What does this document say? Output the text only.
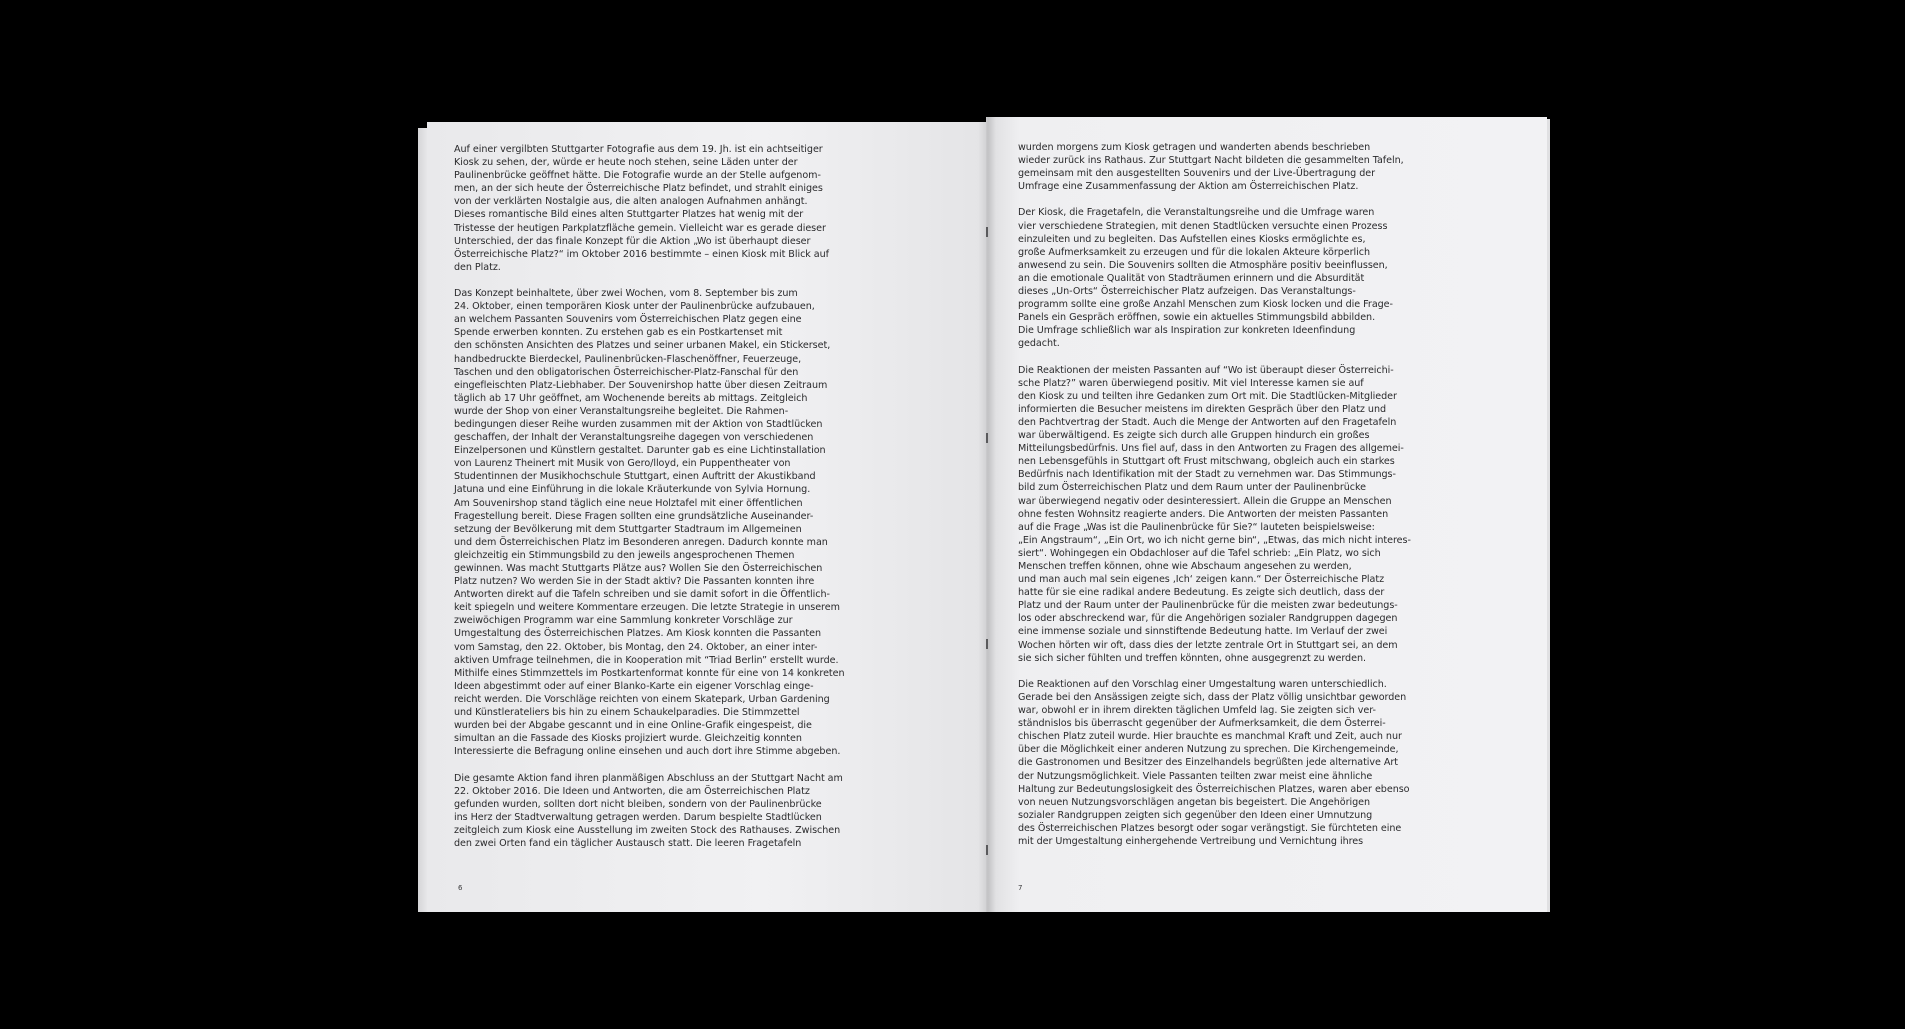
Auf einer vergilbten Stuttgarter Fotografie aus dem 19. Jh. ist ein achtseitiger
Kiosk zu sehen, der, würde er heute noch stehen, seine Läden unter der
Paulinenbrücke geöffnet hätte. Die Fotografie wurde an der Stelle aufgenom-
men, an der sich heute der Österreichische Platz befindet, und strahlt einiges
von der verklärten Nostalgie aus, die alten analogen Aufnahmen anhängt.
Dieses romantische Bild eines alten Stuttgarter Platzes hat wenig mit der
Tristesse der heutigen Parkplatzfläche gemein. Vielleicht war es gerade dieser
Unterschied, der das finale Konzept für die Aktion „Wo ist überhaupt dieser
Österreichische Platz?“ im Oktober 2016 bestimmte – einen Kiosk mit Blick auf
den Platz.
Das Konzept beinhaltete, über zwei Wochen, vom 8. September bis zum
24. Oktober, einen temporären Kiosk unter der Paulinenbrücke aufzubauen,
an welchem Passanten Souvenirs vom Österreichischen Platz gegen eine
Spende erwerben konnten. Zu erstehen gab es ein Postkartenset mit
den schönsten Ansichten des Platzes und seiner urbanen Makel, ein Stickerset,
handbedruckte Bierdeckel, Paulinenbrücken-Flaschenöffner, Feuerzeuge,
Taschen und den obligatorischen Österreichischer-Platz-Fanschal für den
eingefleischten Platz-Liebhaber. Der Souvenirshop hatte über diesen Zeitraum
täglich ab 17 Uhr geöffnet, am Wochenende bereits ab mittags. Zeitgleich
wurde der Shop von einer Veranstaltungsreihe begleitet. Die Rahmen-
bedingungen dieser Reihe wurden zusammen mit der Aktion von Stadtlücken
geschaffen, der Inhalt der Veranstaltungsreihe dagegen von verschiedenen
Einzelpersonen und Künstlern gestaltet. Darunter gab es eine Lichtinstallation
von Laurenz Theinert mit Musik von Gero/lloyd, ein Puppentheater von
Studentinnen der Musikhochschule Stuttgart, einen Auftritt der Akustikband
Jatuna und eine Einführung in die lokale Kräuterkunde von Sylvia Hornung.
Am Souvenirshop stand täglich eine neue Holztafel mit einer öffentlichen
Fragestellung bereit. Diese Fragen sollten eine grundsätzliche Auseinander-
setzung der Bevölkerung mit dem Stuttgarter Stadtraum im Allgemeinen
und dem Österreichischen Platz im Besonderen anregen. Dadurch konnte man
gleichzeitig ein Stimmungsbild zu den jeweils angesprochenen Themen
gewinnen. Was macht Stuttgarts Plätze aus? Wollen Sie den Österreichischen
Platz nutzen? Wo werden Sie in der Stadt aktiv? Die Passanten konnten ihre
Antworten direkt auf die Tafeln schreiben und sie damit sofort in die Öffentlich-
keit spiegeln und weitere Kommentare erzeugen. Die letzte Strategie in unserem
zweiwöchigen Programm war eine Sammlung konkreter Vorschläge zur
Umgestaltung des Österreichischen Platzes. Am Kiosk konnten die Passanten
vom Samstag, den 22. Oktober, bis Montag, den 24. Oktober, an einer inter-
aktiven Umfrage teilnehmen, die in Kooperation mit “Triad Berlin” erstellt wurde.
Mithilfe eines Stimmzettels im Postkartenformat konnte für eine von 14 konkreten
Ideen abgestimmt oder auf einer Blanko-Karte ein eigener Vorschlag einge-
reicht werden. Die Vorschläge reichten von einem Skatepark, Urban Gardening
und Künstlerateliers bis hin zu einem Schaukelparadies. Die Stimmzettel
wurden bei der Abgabe gescannt und in eine Online-Grafik eingespeist, die
simultan an die Fassade des Kiosks projiziert wurde. Gleichzeitig konnten
Interessierte die Befragung online einsehen und auch dort ihre Stimme abgeben.
Die gesamte Aktion fand ihren planmäßigen Abschluss an der Stuttgart Nacht am
22. Oktober 2016. Die Ideen und Antworten, die am Österreichischen Platz
gefunden wurden, sollten dort nicht bleiben, sondern von der Paulinenbrücke
ins Herz der Stadtverwaltung getragen werden. Darum bespielte Stadtlücken
zeitgleich zum Kiosk eine Ausstellung im zweiten Stock des Rathauses. Zwischen
den zwei Orten fand ein täglicher Austausch statt. Die leeren Fragetafeln
6
wurden morgens zum Kiosk getragen und wanderten abends beschrieben
wieder zurück ins Rathaus. Zur Stuttgart Nacht bildeten die gesammelten Tafeln,
gemeinsam mit den ausgestellten Souvenirs und der Live-Übertragung der
Umfrage eine Zusammenfassung der Aktion am Österreichischen Platz.
Der Kiosk, die Fragetafeln, die Veranstaltungsreihe und die Umfrage waren
vier verschiedene Strategien, mit denen Stadtlücken versuchte einen Prozess
einzuleiten und zu begleiten. Das Aufstellen eines Kiosks ermöglichte es,
große Aufmerksamkeit zu erzeugen und für die lokalen Akteure körperlich
anwesend zu sein. Die Souvenirs sollten die Atmosphäre positiv beeinflussen,
an die emotionale Qualität von Stadträumen erinnern und die Absurdität
dieses „Un-Orts“ Österreichischer Platz aufzeigen. Das Veranstaltungs-
programm sollte eine große Anzahl Menschen zum Kiosk locken und die Frage-
Panels ein Gespräch eröffnen, sowie ein aktuelles Stimmungsbild abbilden.
Die Umfrage schließlich war als Inspiration zur konkreten Ideenfindung
gedacht.
Die Reaktionen der meisten Passanten auf “Wo ist überaupt dieser Österreichi-
sche Platz?” waren überwiegend positiv. Mit viel Interesse kamen sie auf
den Kiosk zu und teilten ihre Gedanken zum Ort mit. Die Stadtlücken-Mitglieder
informierten die Besucher meistens im direkten Gespräch über den Platz und
den Pachtvertrag der Stadt. Auch die Menge der Antworten auf den Fragetafeln
war überwältigend. Es zeigte sich durch alle Gruppen hindurch ein großes
Mitteilungsbedürfnis. Uns fiel auf, dass in den Antworten zu Fragen des allgemei-
nen Lebensgefühls in Stuttgart oft Frust mitschwang, obgleich auch ein starkes
Bedürfnis nach Identifikation mit der Stadt zu vernehmen war. Das Stimmungs-
bild zum Österreichischen Platz und dem Raum unter der Paulinenbrücke
war überwiegend negativ oder desinteressiert. Allein die Gruppe an Menschen
ohne festen Wohnsitz reagierte anders. Die Antworten der meisten Passanten
auf die Frage „Was ist die Paulinenbrücke für Sie?“ lauteten beispielsweise:
„Ein Angstraum“, „Ein Ort, wo ich nicht gerne bin“, „Etwas, das mich nicht interes-
siert“. Wohingegen ein Obdachloser auf die Tafel schrieb: „Ein Platz, wo sich
Menschen treffen können, ohne wie Abschaum angesehen zu werden,
und man auch mal sein eigenes ‚Ich‘ zeigen kann.“ Der Österreichische Platz
hatte für sie eine radikal andere Bedeutung. Es zeigte sich deutlich, dass der
Platz und der Raum unter der Paulinenbrücke für die meisten zwar bedeutungs-
los oder abschreckend war, für die Angehörigen sozialer Randgruppen dagegen
eine immense soziale und sinnstiftende Bedeutung hatte. Im Verlauf der zwei
Wochen hörten wir oft, dass dies der letzte zentrale Ort in Stuttgart sei, an dem
sie sich sicher fühlten und treffen könnten, ohne ausgegrenzt zu werden.
Die Reaktionen auf den Vorschlag einer Umgestaltung waren unterschiedlich.
Gerade bei den Ansässigen zeigte sich, dass der Platz völlig unsichtbar geworden
war, obwohl er in ihrem direkten täglichen Umfeld lag. Sie zeigten sich ver-
ständnislos bis überrascht gegenüber der Aufmerksamkeit, die dem Österrei-
chischen Platz zuteil wurde. Hier brauchte es manchmal Kraft und Zeit, auch nur
über die Möglichkeit einer anderen Nutzung zu sprechen. Die Kirchengemeinde,
die Gastronomen und Besitzer des Einzelhandels begrüßten jede alternative Art
der Nutzungsmöglichkeit. Viele Passanten teilten zwar meist eine ähnliche
Haltung zur Bedeutungslosigkeit des Österreichischen Platzes, waren aber ebenso
von neuen Nutzungsvorschlägen angetan bis begeistert. Die Angehörigen
sozialer Randgruppen zeigten sich gegenüber den Ideen einer Umnutzung
des Österreichischen Platzes besorgt oder sogar verängstigt. Sie fürchteten eine
mit der Umgestaltung einhergehende Vertreibung und Vernichtung ihres
7
